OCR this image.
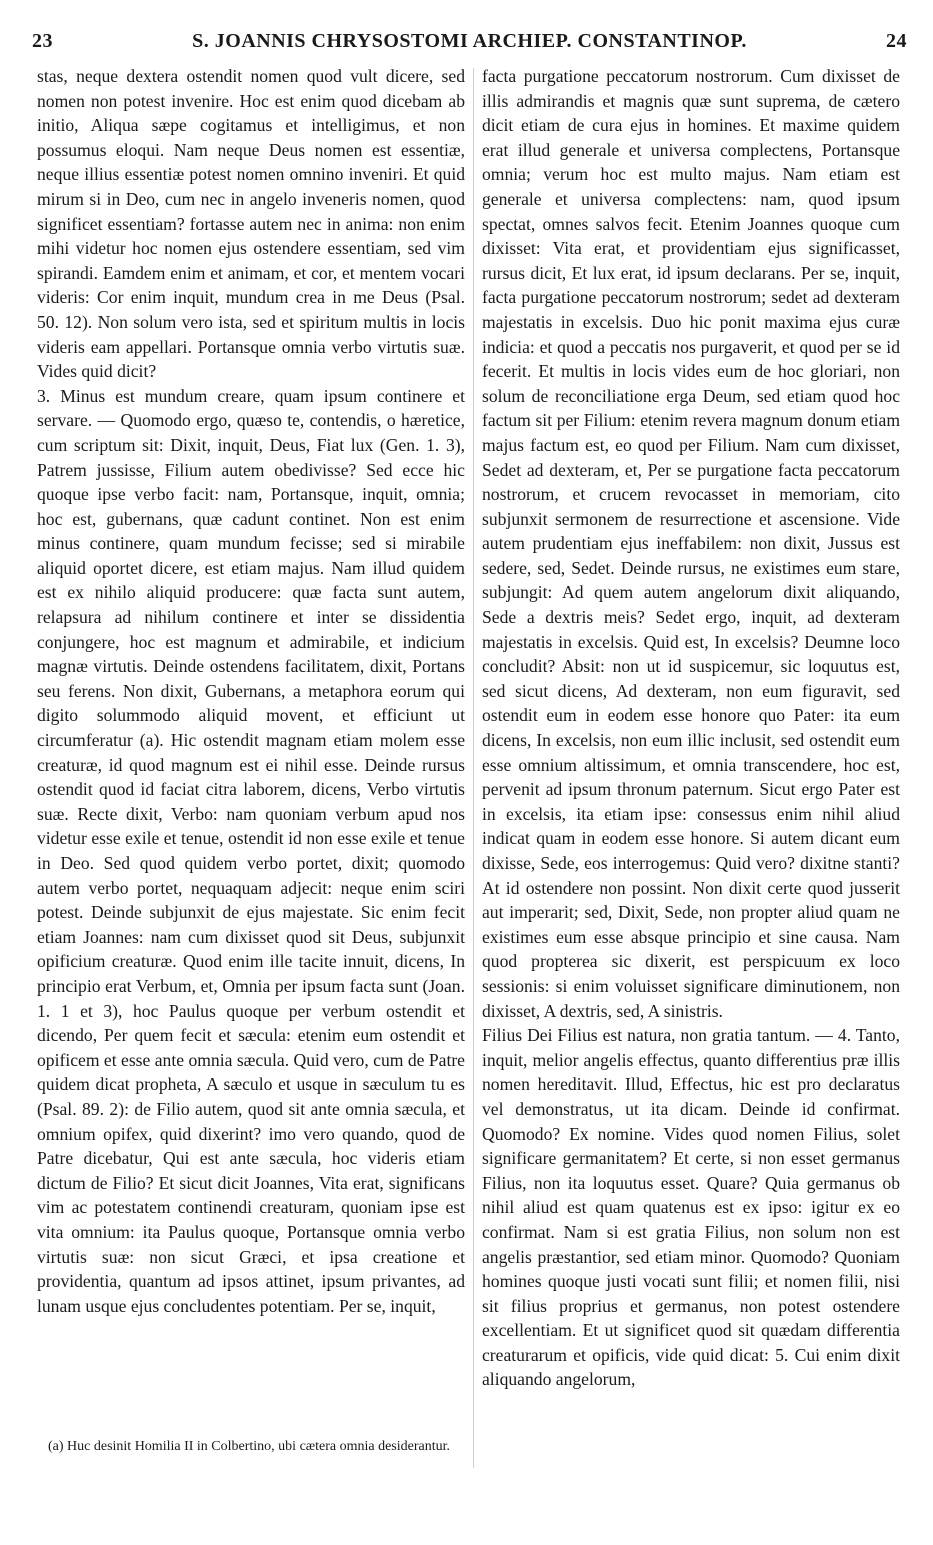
23	S. JOANNIS CHRYSOSTOMI ARCHIEP. CONSTANTINOP.	24

stas, neque dextera ostendit nomen quod vult dicere, sed nomen non potest invenire. Hoc est enim quod dicebam ab initio, Aliqua sæpe cogitamus et intelligimus, et non possumus eloqui. Nam neque Deus nomen est essentiæ, neque illius essentiæ potest nomen omnino inveniri. Et quid mirum si in Deo, cum nec in angelo inveneris nomen, quod significet essentiam? fortasse autem nec in anima: non enim mihi videtur hoc nomen ejus ostendere essentiam, sed vim spirandi. Eamdem enim et animam, et cor, et mentem vocari videris: Cor enim inquit, mundum crea in me Deus (Psal. 50. 12). Non solum vero ista, sed et spiritum multis in locis videris eam appellari. Portansque omnia verbo virtutis suæ. Vides quid dicit?

3. Minus est mundum creare, quam ipsum continere et servare. — Quomodo ergo, quæso te, contendis, o hæretice, cum scriptum sit: Dixit, inquit, Deus, Fiat lux (Gen. 1. 3), Patrem jussisse, Filium autem obedivisse? Sed ecce hic quoque ipse verbo facit: nam, Portansque, inquit, omnia; hoc est, gubernans, quæ cadunt continet. Non est enim minus continere, quam mundum fecisse; sed si mirabile aliquid oportet dicere, est etiam majus. Nam illud quidem est ex nihilo aliquid producere: quæ facta sunt autem, relapsura ad nihilum continere et inter se dissidentia conjungere, hoc est magnum et admirabile, et indicium magnæ virtutis. Deinde ostendens facilitatem, dixit, Portans seu ferens. Non dixit, Gubernans, a metaphora eorum qui digito solummodo aliquid movent, et efficiunt ut circumferatur (a). Hic ostendit magnam etiam molem esse creaturæ, id quod magnum est ei nihil esse. Deinde rursus ostendit quod id faciat citra laborem, dicens, Verbo virtutis suæ. Recte dixit, Verbo: nam quoniam verbum apud nos videtur esse exile et tenue, ostendit id non esse exile et tenue in Deo. Sed quod quidem verbo portet, dixit; quomodo autem verbo portet, nequaquam adjecit: neque enim sciri potest. Deinde subjunxit de ejus majestate. Sic enim fecit etiam Joannes: nam cum dixisset quod sit Deus, subjunxit opificium creaturæ. Quod enim ille tacite innuit, dicens, In principio erat Verbum, et, Omnia per ipsum facta sunt (Joan. 1. 1 et 3), hoc Paulus quoque per verbum ostendit et dicendo, Per quem fecit et sæcula: etenim eum ostendit et opificem et esse ante omnia sæcula. Quid vero, cum de Patre quidem dicat propheta, A sæculo et usque in sæculum tu es (Psal. 89. 2): de Filio autem, quod sit ante omnia sæcula, et omnium opifex, quid dixerint? imo vero quando, quod de Patre dicebatur, Qui est ante sæcula, hoc videris etiam dictum de Filio? Et sicut dicit Joannes, Vita erat, significans vim ac potestatem continendi creaturam, quoniam ipse est vita omnium: ita Paulus quoque, Portansque omnia verbo virtutis suæ: non sicut Græci, et ipsa creatione et providentia, quantum ad ipsos attinet, ipsum privantes, ad lunam usque ejus concludentes potentiam. Per se, inquit,

facta purgatione peccatorum nostrorum. Cum dixisset de illis admirandis et magnis quæ sunt suprema, de cætero dicit etiam de cura ejus in homines. Et maxime quidem erat illud generale et universa complectens, Portansque omnia; verum hoc est multo majus. Nam etiam est generale et universa complectens: nam, quod ipsum spectat, omnes salvos fecit. Etenim Joannes quoque cum dixisset: Vita erat, et providentiam ejus significasset, rursus dicit, Et lux erat, id ipsum declarans. Per se, inquit, facta purgatione peccatorum nostrorum; sedet ad dexteram majestatis in excelsis. Duo hic ponit maxima ejus curæ indicia: et quod a peccatis nos purgaverit, et quod per se id fecerit. Et multis in locis vides eum de hoc gloriari, non solum de reconciliatione erga Deum, sed etiam quod hoc factum sit per Filium: etenim revera magnum donum etiam majus factum est, eo quod per Filium. Nam cum dixisset, Sedet ad dexteram, et, Per se purgatione facta peccatorum nostrorum, et crucem revocasset in memoriam, cito subjunxit sermonem de resurrectione et ascensione. Vide autem prudentiam ejus ineffabilem: non dixit, Jussus est sedere, sed, Sedet. Deinde rursus, ne existimes eum stare, subjungit: Ad quem autem angelorum dixit aliquando, Sede a dextris meis? Sedet ergo, inquit, ad dexteram majestatis in excelsis. Quid est, In excelsis? Deumne loco concludit? Absit: non ut id suspicemur, sic loquutus est, sed sicut dicens, Ad dexteram, non eum figuravit, sed ostendit eum in eodem esse honore quo Pater: ita eum dicens, In excelsis, non eum illic inclusit, sed ostendit eum esse omnium altissimum, et omnia transcendere, hoc est, pervenit ad ipsum thronum paternum. Sicut ergo Pater est in excelsis, ita etiam ipse: consessus enim nihil aliud indicat quam in eodem esse honore. Si autem dicant eum dixisse, Sede, eos interrogemus: Quid vero? dixitne stanti? At id ostendere non possint. Non dixit certe quod jusserit aut imperarit; sed, Dixit, Sede, non propter aliud quam ne existimes eum esse absque principio et sine causa. Nam quod propterea sic dixerit, est perspicuum ex loco sessionis: si enim voluisset significare diminutionem, non dixisset, A dextris, sed, A sinistris.

Filius Dei Filius est natura, non gratia tantum. — 4. Tanto, inquit, melior angelis effectus, quanto differentius præ illis nomen hereditavit. Illud, Effectus, hic est pro declaratus vel demonstratus, ut ita dicam. Deinde id confirmat. Quomodo? Ex nomine. Vides quod nomen Filius, solet significare germanitatem? Et certe, si non esset germanus Filius, non ita loquutus esset. Quare? Quia germanus ob nihil aliud est quam quatenus est ex ipso: igitur ex eo confirmat. Nam si est gratia Filius, non solum non est angelis præstantior, sed etiam minor. Quomodo? Quoniam homines quoque justi vocati sunt filii; et nomen filii, nisi sit filius proprius et germanus, non potest ostendere excellentiam. Et ut significet quod sit quædam differentia creaturarum et opificis, vide quid dicat: 5. Cui enim dixit aliquando angelorum,

(a) Huc desinit Homilia II in Colbertino, ubi cætera omnia desiderantur.
